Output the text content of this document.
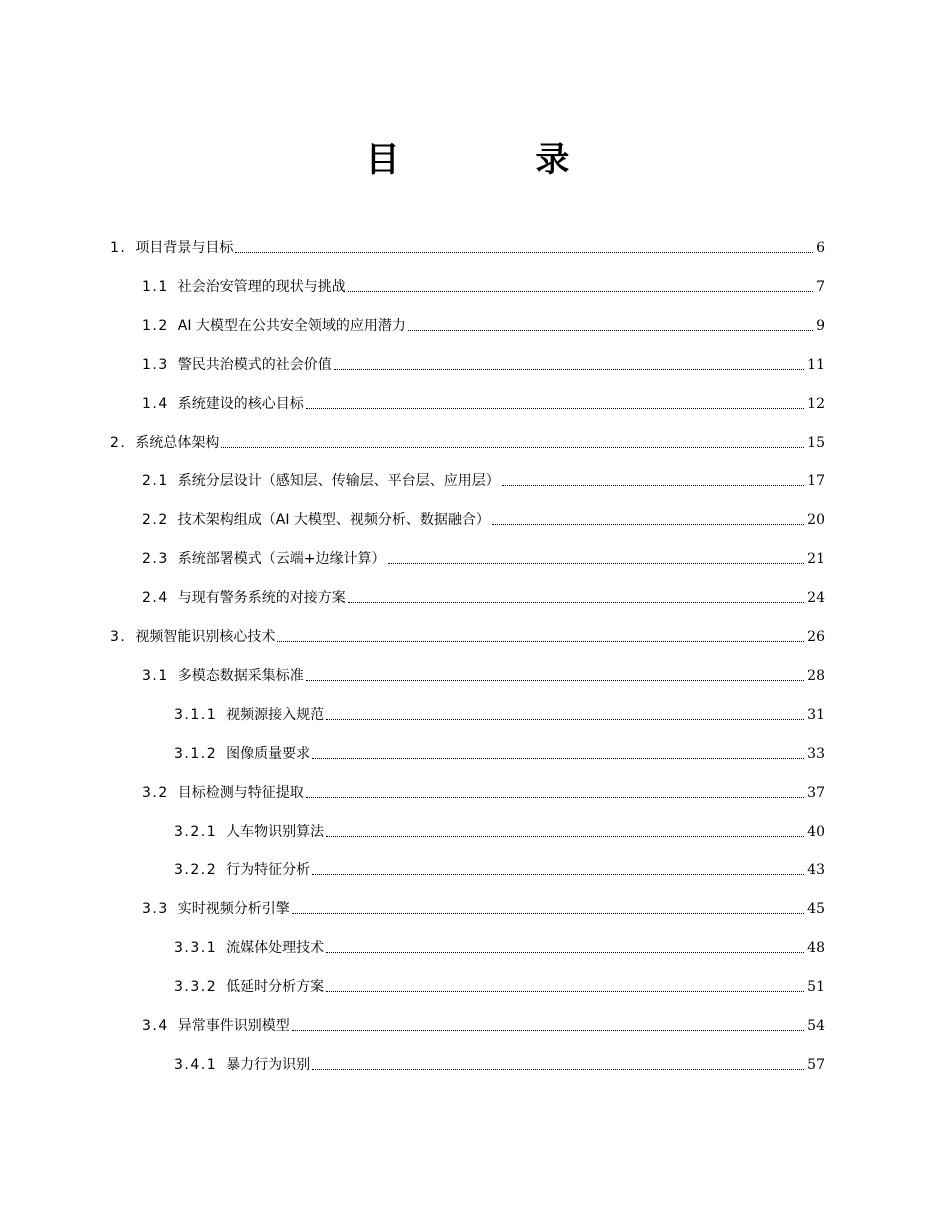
目 录
1. 项目背景与目标	6
1.1 社会治安管理的现状与挑战	7
1.2 AI 大模型在公共安全领域的应用潜力	9
1.3 警民共治模式的社会价值	11
1.4 系统建设的核心目标	12
2. 系统总体架构	15
2.1 系统分层设计（感知层、传输层、平台层、应用层）	17
2.2 技术架构组成（AI 大模型、视频分析、数据融合）	20
2.3 系统部署模式（云端+边缘计算）	21
2.4 与现有警务系统的对接方案	24
3. 视频智能识别核心技术	26
3.1 多模态数据采集标准	28
3.1.1 视频源接入规范	31
3.1.2 图像质量要求	33
3.2 目标检测与特征提取	37
3.2.1 人车物识别算法	40
3.2.2 行为特征分析	43
3.3 实时视频分析引擎	45
3.3.1 流媒体处理技术	48
3.3.2 低延时分析方案	51
3.4 异常事件识别模型	54
3.4.1 暴力行为识别	57
